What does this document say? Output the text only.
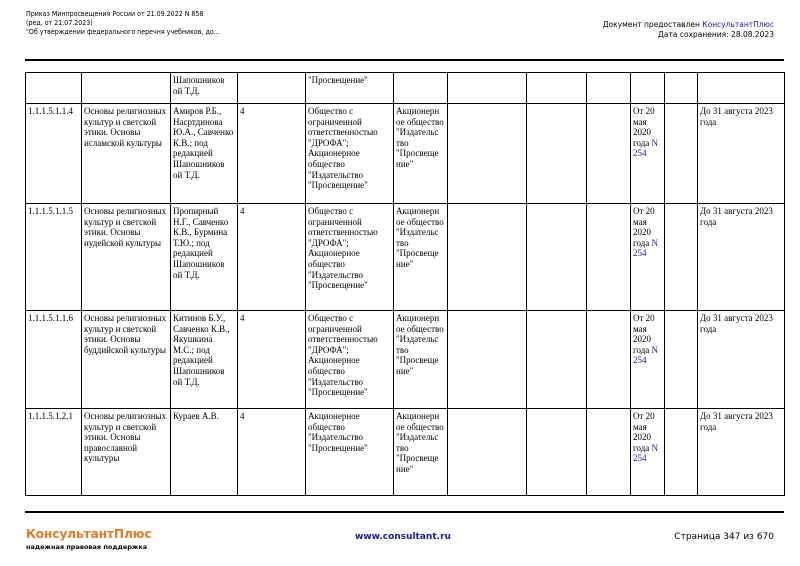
Приказ Минпросвещения России от 21.09.2022 N 858
(ред. от 21.07.2023)
"Об утверждении федерального перечня учебников, до...
Документ предоставлен КонсультантПлюс
Дата сохранения: 28.08.2023
		Шапошников ой Т.Д.		"Просвещение"							
1.1.1.5.1.1.4	Основы религиозных культур и светской этики. Основы исламской культуры	Амиров Р.Б., Насртдинова Ю.А., Савченко К.В.; под редакцией Шапошников ой Т.Д.	4	Общество с ограниченной ответственностью "ДРОФА"; Акционерное общество "Издательство "Просвещение"	Акционерн ое общество "Издательс тво "Просвеще ние"				От 20 мая 2020 года N 254		До 31 августа 2023 года
1.1.1.5.1.1.5	Основы религиозных культур и светской этики. Основы иудейской культуры	Пропирный Н.Г., Савченко К.В., Бурмина Т.Ю.; под редакцией Шапошников ой Т.Д.	4	Общество с ограниченной ответственностью "ДРОФА"; Акционерное общество "Издательство "Просвещение"	Акционерн ое общество "Издательс тво "Просвеще ние"				От 20 мая 2020 года N 254		До 31 августа 2023 года
1.1.1.5.1.1.6	Основы религиозных культур и светской этики. Основы буддийской культуры	Китинов Б.У., Савченко К.В., Якушкина М.С.; под редакцией Шапошников ой Т.Д.	4	Общество с ограниченной ответственностью "ДРОФА"; Акционерное общество "Издательство "Просвещение"	Акционерн ое общество "Издательс тво "Просвеще ние"				От 20 мая 2020 года N 254		До 31 августа 2023 года
1.1.1.5.1.2.1	Основы религиозных культур и светской этики. Основы православной культуры	Кураев А.В.	4	Акционерное общество "Издательство "Просвещение"	Акционерн ое общество "Издательс тво "Просвеще ние"				От 20 мая 2020 года N 254		До 31 августа 2023 года
КонсультантПлюс
надежная правовая поддержка
www.consultant.ru	Страница 347 из 670
